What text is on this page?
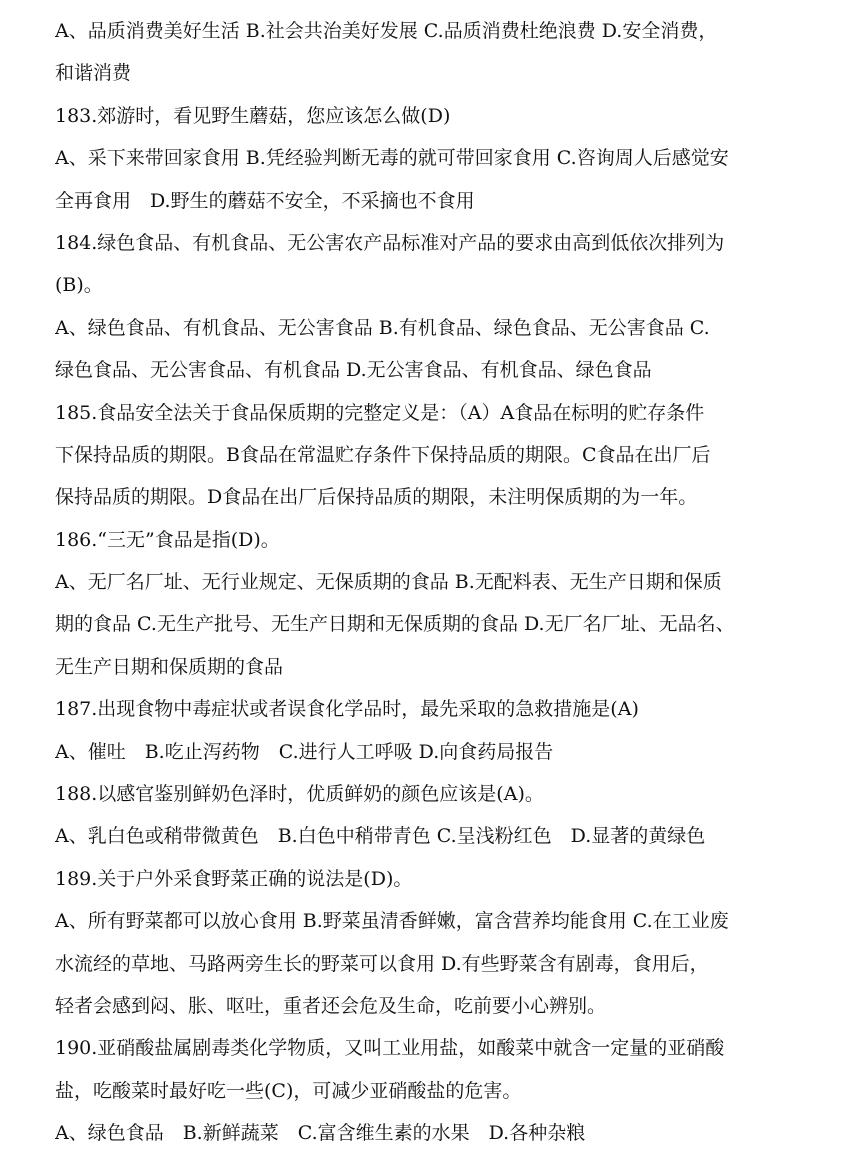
A、品质消费美好生活 B.社会共治美好发展 C.品质消费杜绝浪费 D.安全消费，
和谐消费
183.郊游时，看见野生蘑菇，您应该怎么做(D)
A、采下来带回家食用 B.凭经验判断无毒的就可带回家食用 C.咨询周人后感觉安
全再食用　D.野生的蘑菇不安全，不采摘也不食用
184.绿色食品、有机食品、无公害农产品标准对产品的要求由高到低依次排列为
(B)。
A、绿色食品、有机食品、无公害食品 B.有机食品、绿色食品、无公害食品 C.
绿色食品、无公害食品、有机食品 D.无公害食品、有机食品、绿色食品
185.食品安全法关于食品保质期的完整定义是：（A）A食品在标明的贮存条件
下保持品质的期限。B食品在常温贮存条件下保持品质的期限。C食品在出厂后
保持品质的期限。D食品在出厂后保持品质的期限，未注明保质期的为一年。
186.“三无”食品是指(D)。
A、无厂名厂址、无行业规定、无保质期的食品 B.无配料表、无生产日期和保质
期的食品 C.无生产批号、无生产日期和无保质期的食品 D.无厂名厂址、无品名、
无生产日期和保质期的食品
187.出现食物中毒症状或者误食化学品时，最先采取的急救措施是(A)
A、催吐　B.吃止泻药物　C.进行人工呼吸 D.向食药局报告
188.以感官鉴别鲜奶色泽时，优质鲜奶的颜色应该是(A)。
A、乳白色或稍带微黄色　B.白色中稍带青色 C.呈浅粉红色　D.显著的黄绿色
189.关于户外采食野菜正确的说法是(D)。
A、所有野菜都可以放心食用 B.野菜虽清香鲜嫩，富含营养均能食用 C.在工业废
水流经的草地、马路两旁生长的野菜可以食用 D.有些野菜含有剧毒，食用后，
轻者会感到闷、胀、呕吐，重者还会危及生命，吃前要小心辨别。
190.亚硝酸盐属剧毒类化学物质，又叫工业用盐，如酸菜中就含一定量的亚硝酸
盐，吃酸菜时最好吃一些(C)，可减少亚硝酸盐的危害。
A、绿色食品　B.新鲜蔬菜　C.富含维生素的水果　D.各种杂粮
